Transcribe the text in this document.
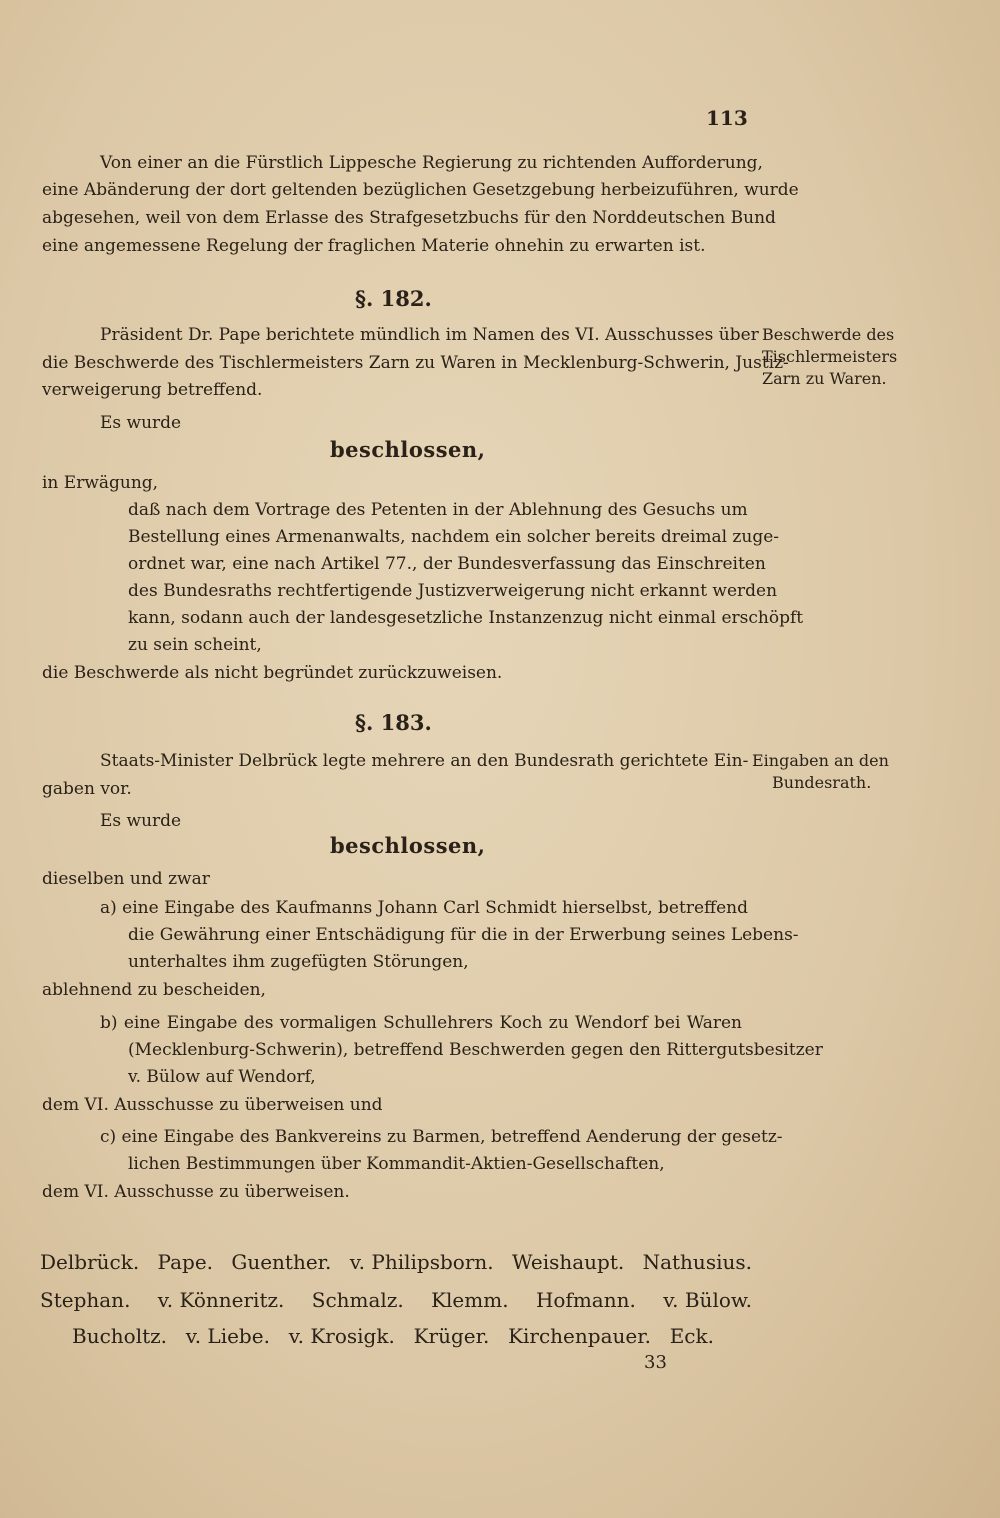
113
Von einer an die Fürstlich Lippesche Regierung zu richtenden Aufforderung,
eine Abänderung der dort geltenden bezüglichen Gesetzgebung herbeizuführen, wurde
abgesehen, weil von dem Erlasse des Strafgesetzbuchs für den Norddeutschen Bund
eine angemessene Regelung der fraglichen Materie ohnehin zu erwarten ist.
§. 182.
Präsident Dr. Pape berichtete mündlich im Namen des VI. Ausschusses über
die Beschwerde des Tischlermeisters Zarn zu Waren in Mecklenburg-Schwerin, Justiz-
verweigerung betreffend.
Beschwerde des
Tischlermeisters
Zarn zu Waren.
Es wurde
beschlossen,
in Erwägung,
daß nach dem Vortrage des Petenten in der Ablehnung des Gesuchs um
Bestellung eines Armenanwalts, nachdem ein solcher bereits dreimal zuge-
ordnet war, eine nach Artikel 77., der Bundesverfassung das Einschreiten
des Bundesraths rechtfertigende Justizverweigerung nicht erkannt werden
kann, sodann auch der landesgesetzliche Instanzenzug nicht einmal erschöpft
zu sein scheint,
die Beschwerde als nicht begründet zurückzuweisen.
§. 183.
Staats-Minister Delbrück legte mehrere an den Bundesrath gerichtete Ein-
gaben vor.
Eingaben an den
Bundesrath.
Es wurde
beschlossen,
dieselben und zwar
a) eine Eingabe des Kaufmanns Johann Carl Schmidt hierselbst, betreffend
die Gewährung einer Entschädigung für die in der Erwerbung seines Lebens-
unterhaltes ihm zugefügten Störungen,
ablehnend zu bescheiden,
b) eine Eingabe des vormaligen Schullehrers Koch zu Wendorf bei Waren
(Mecklenburg-Schwerin), betreffend Beschwerden gegen den Rittergutsbesitzer
v. Bülow auf Wendorf,
dem VI. Ausschusse zu überweisen und
c) eine Eingabe des Bankvereins zu Barmen, betreffend Aenderung der gesetz-
lichen Bestimmungen über Kommandit-Aktien-Gesellschaften,
dem VI. Ausschusse zu überweisen.
Delbrück. Pape. Guenther. v. Philipsborn. Weishaupt. Nathusius.
Stephan. v. Könneritz. Schmalz. Klemm. Hofmann. v. Bülow.
Bucholtz. v. Liebe. v. Krosigk. Krüger. Kirchenpauer. Eck.
33
